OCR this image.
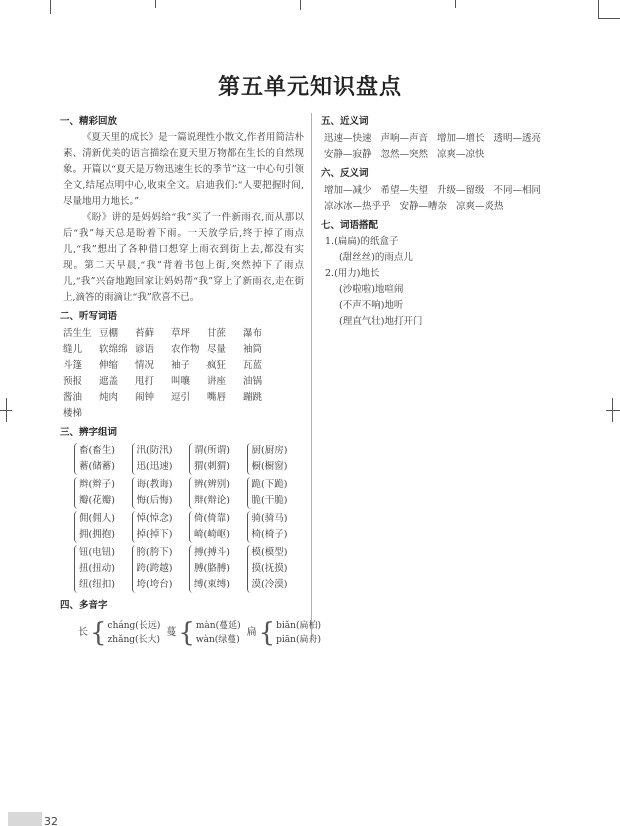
第五单元知识盘点
一、精彩回放

《夏天里的成长》是一篇说理性小散文,作者用简洁朴素、清新优美的语言描绘在夏天里万物都在生长的自然现象。开篇以“夏天是万物迅速生长的季节”这一中心句引领全文,结尾点明中心,收束全文。启迪我们:“人要把握时间,尽量地用力地长。”

《盼》讲的是妈妈给“我”买了一件新雨衣,而从那以后“我”每天总是盼着下雨。一天放学后,终于掉了雨点儿,“我”想出了各种借口想穿上雨衣到街上去,都没有实现。第二天早晨,“我”背着书包上街,突然掉下了雨点儿,“我”兴奋地跑回家让妈妈帮“我”穿上了新雨衣,走在街上,滴答的雨滴让“我”欣喜不已。

二、听写词语
活生生 豆棚 苔藓 草坪 甘蔗 瀑布缝儿 软绵绵 谚语 农作物 尽量 袖筒斗篷 伸缩 情况 袖子 疯狂 瓦蓝预报 遮盖 甩打 叫嚷 讲座 油锅酱油 炖肉 闹钟 逗引 嘴唇 蹦跳楼梯
三、辨字组词
畜(畜生)
蓄(储蓄)
汛(防汛)
迅(迅速)
谓(所谓)
猬(刺猬)
厨(厨房)
橱(橱窗)
辫(辫子)
瓣(花瓣)
诲(教诲)
悔(后悔)
辨(辨别)
辩(辩论)
跪(下跪)
脆(干脆)
佣(佣人)
拥(拥抱)
悼(悼念)
掉(掉下)
倚(倚靠)
崎(崎岖)
骑(骑马)
椅(椅子)
钮(电钮)
扭(扭动)
纽(纽扣)
胯(胯下)
跨(跨越)
垮(垮台)
搏(搏斗)
膊(胳膊)
缚(束缚)
模(模型)
摸(抚摸)
漠(冷漠)
四、多音字
长 { cháng(长远)
zhǎng(长大)
蔓 { màn(蔓延)
wàn(绿蔓)
扁 { biǎn(扁柏)
piān(扁舟)
五、近义词
迅速—快速 声响—声音 增加—增长 透明—透亮安静—寂静 忽然—突然 凉爽—凉快
六、反义词
增加—减少 希望—失望 升级—留级 不同—相同凉冰冰—热乎乎 安静—嘈杂 凉爽—炎热
七、词语搭配
1.(扁扁)的纸盒子
(甜丝丝)的雨点儿
2.(用力)地长
(沙啦啦)地喧闹
(不声不响)地听
(理直气壮)地打开门
32
